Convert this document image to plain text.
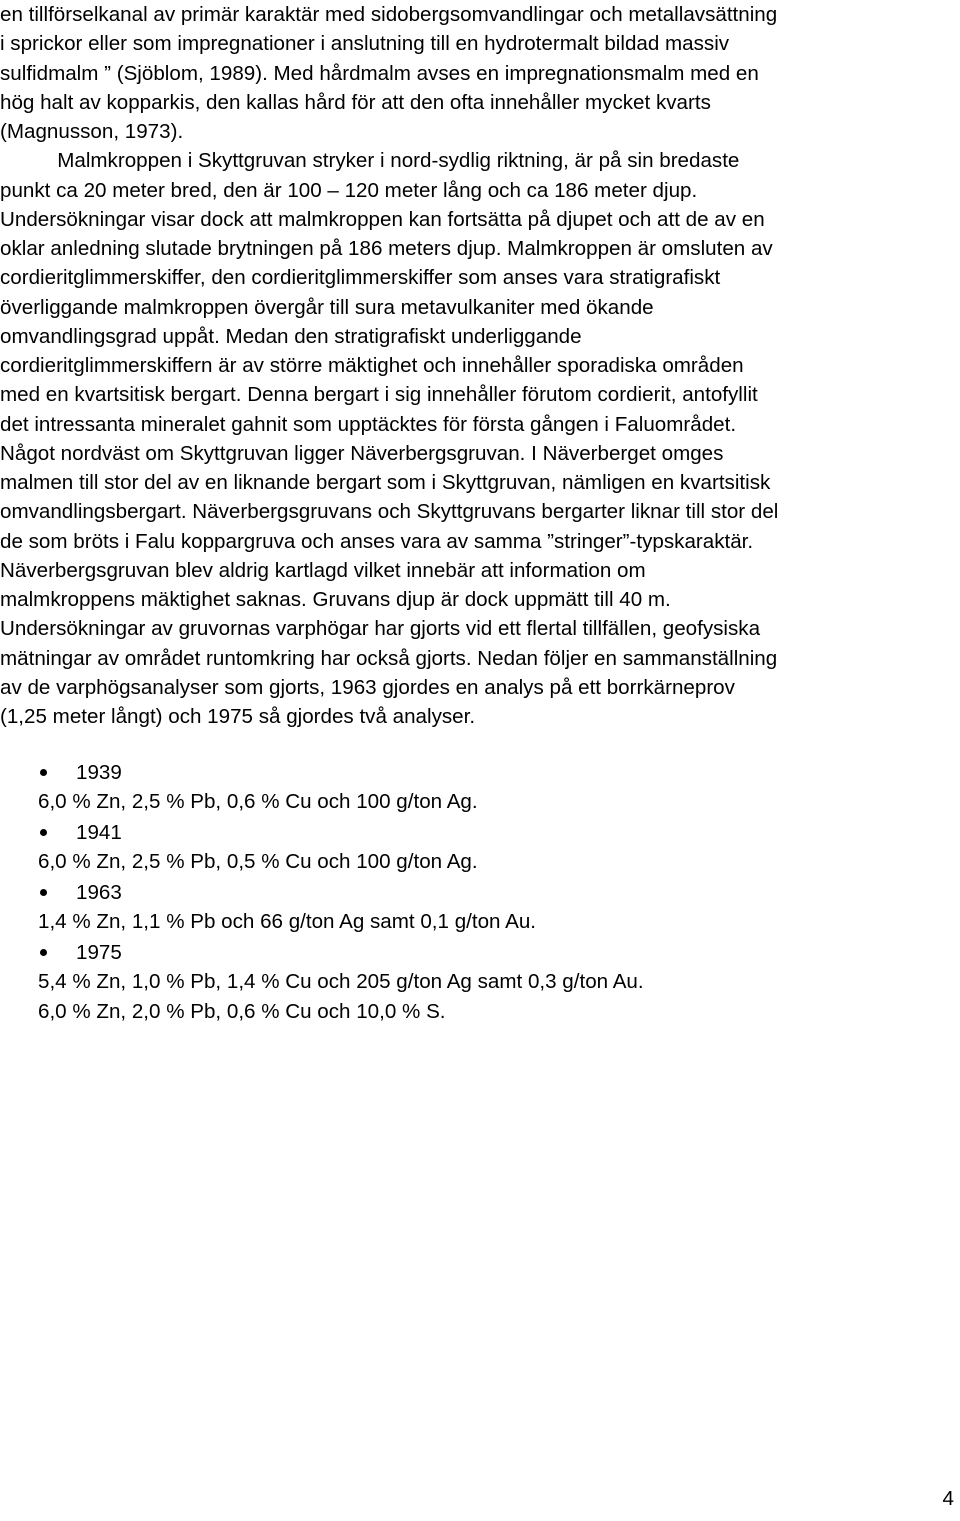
en tillförselkanal av primär karaktär med sidobergsomvandlingar och metallavsättning
i sprickor eller som impregnationer i anslutning till en hydrotermalt bildad massiv
sulfidmalm ” (Sjöblom, 1989). Med hårdmalm avses en impregnationsmalm med en
hög halt av kopparkis, den kallas hård för att den ofta innehåller mycket kvarts
(Magnusson, 1973).
Malmkroppen i Skyttgruvan stryker i nord-sydlig riktning, är på sin bredaste
punkt ca 20 meter bred, den är 100 – 120 meter lång och ca 186 meter djup.
Undersökningar visar dock att malmkroppen kan fortsätta på djupet och att de av en
oklar anledning slutade brytningen på 186 meters djup. Malmkroppen är omsluten av
cordieritglimmerskiffer, den cordieritglimmerskiffer som anses vara stratigrafiskt
överliggande malmkroppen övergår till sura metavulkaniter med ökande
omvandlingsgrad uppåt. Medan den stratigrafiskt underliggande
cordieritglimmerskiffern är av större mäktighet och innehåller sporadiska områden
med en kvartsitisk bergart. Denna bergart i sig innehåller förutom cordierit, antofyllit
det intressanta mineralet gahnit som upptäcktes för första gången i Faluområdet.
Något nordväst om Skyttgruvan ligger Näverbergsgruvan. I Näverberget omges
malmen till stor del av en liknande bergart som i Skyttgruvan, nämligen en kvartsitisk
omvandlingsbergart. Näverbergsgruvans och Skyttgruvans bergarter liknar till stor del
de som bröts i Falu koppargruva och anses vara av samma ”stringer”-typskaraktär.
Näverbergsgruvan blev aldrig kartlagd vilket innebär att information om
malmkroppens mäktighet saknas. Gruvans djup är dock uppmätt till 40 m.
Undersökningar av gruvornas varphögar har gjorts vid ett flertal tillfällen, geofysiska
mätningar av området runtomkring har också gjorts. Nedan följer en sammanställning
av de varphögsanalyser som gjorts, 1963 gjordes en analys på ett borrkärneprov
(1,25 meter långt) och 1975 så gjordes två analyser.
1939
6,0 % Zn, 2,5 % Pb, 0,6 % Cu och 100 g/ton Ag.
1941
6,0 % Zn, 2,5 % Pb, 0,5 % Cu och 100 g/ton Ag.
1963
1,4 % Zn, 1,1 % Pb och 66 g/ton Ag samt 0,1 g/ton Au.
1975
5,4 % Zn, 1,0 % Pb, 1,4 % Cu och 205 g/ton Ag samt 0,3 g/ton Au.
6,0 % Zn, 2,0 % Pb, 0,6 % Cu och 10,0 % S.
4
